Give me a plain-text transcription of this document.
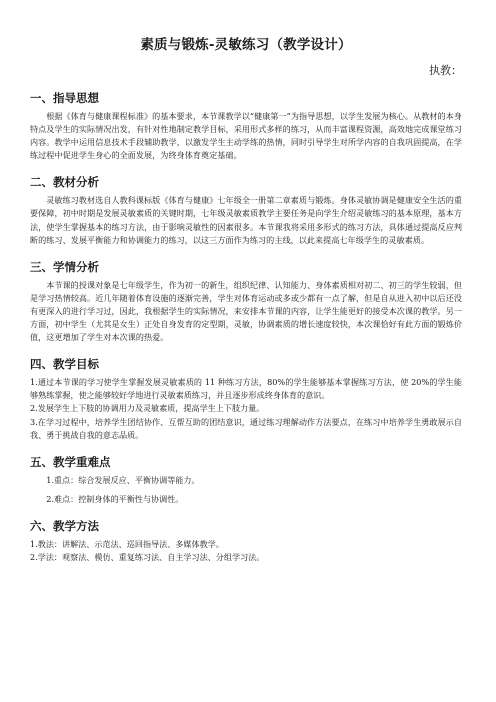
素质与锻炼-灵敏练习（教学设计）
执教：
一、指导思想

根据《体育与健康课程标准》的基本要求，本节课教学以“健康第一”为指导思想，以学生发展为核心。从教材的本身特点及学生的实际情况出发，有针对性地制定教学目标，采用形式多样的练习，从而丰富课程资源，高效地完成课堂练习内容。教学中运用信息技术手段辅助教学，以激发学生主动学练的热情，同时引导学生对所学内容的自我巩固提高，在学练过程中促进学生身心的全面发展，为终身体育奠定基础。

二、教材分析

灵敏练习教材选自人教科课标版《体育与健康》七年级全一册第二章素质与锻炼。身体灵敏协调是健康安全生活的重要保障，初中时期是发展灵敏素质的关键时期，七年级灵敏素质教学主要任务是向学生介绍灵敏练习的基本原理，基本方法，使学生掌握基本的练习方法，由于影响灵敏性的因素很多。本节课我将采用多形式的练习方法，具体通过提高反应判断的练习、发展平衡能力和协调能力的练习，以这三方面作为练习的主线，以此来提高七年级学生的灵敏素质。

三、学情分析

本节课的授课对象是七年级学生，作为初一的新生，组织纪律、认知能力、身体素质相对初二、初三的学生较弱，但是学习热情较高。近几年随着体育设施的逐渐完善，学生对体育运动或多或少都有一点了解，但是自从进入初中以后还没有更深入的进行学习过，因此，我根据学生的实际情况，来安排本节课的内容，让学生能更好的接受本次课的教学。另一方面，初中学生（尤其是女生）正处自身发育的定型期，灵敏，协调素质的增长速度较快，本次课恰好有此方面的锻炼价值，这更增加了学生对本次课的热爱。

四、教学目标

1.通过本节课的学习使学生掌握发展灵敏素质的 11 种练习方法，80%的学生能够基本掌握练习方法，使 20%的学生能够熟练掌握，使之能够较好学地进行灵敏素质练习，并且逐步形成终身体育的意识。

2.发展学生上下肢的协调用力及灵敏素质，提高学生上下肢力量。

3.在学习过程中，培养学生团结协作、互帮互助的团结意识，通过练习理解动作方法要点，在练习中培养学生勇敢展示自我、勇于挑战自我的意志品质。

五、教学重难点

1.重点：综合发展反应、平衡协调等能力。

2.难点：控制身体的平衡性与协调性。

六、教学方法

1.教法：讲解法、示范法、巡回指导法、多媒体教学。

2.学法：观察法、模仿、重复练习法、自主学习法、分组学习法。
